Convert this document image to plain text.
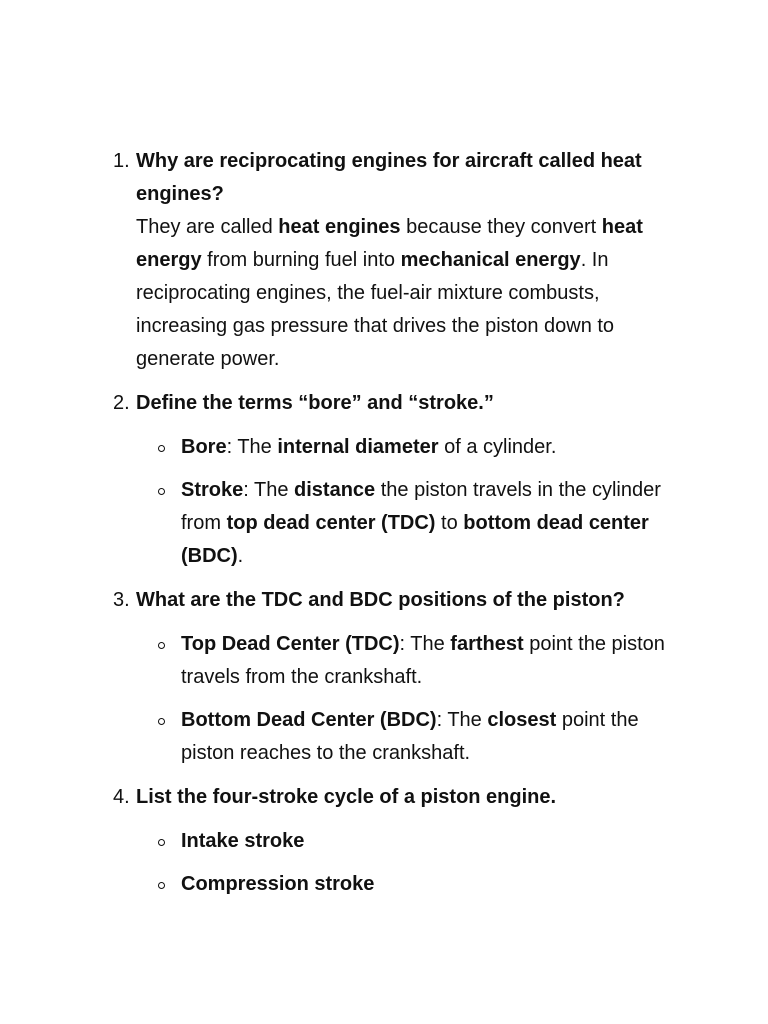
1. Why are reciprocating engines for aircraft called heat engines?
They are called heat engines because they convert heat energy from burning fuel into mechanical energy. In reciprocating engines, the fuel-air mixture combusts, increasing gas pressure that drives the piston down to generate power.
2. Define the terms “bore” and “stroke.”
Bore: The internal diameter of a cylinder.
Stroke: The distance the piston travels in the cylinder from top dead center (TDC) to bottom dead center (BDC).
3. What are the TDC and BDC positions of the piston?
Top Dead Center (TDC): The farthest point the piston travels from the crankshaft.
Bottom Dead Center (BDC): The closest point the piston reaches to the crankshaft.
4. List the four-stroke cycle of a piston engine.
Intake stroke
Compression stroke
